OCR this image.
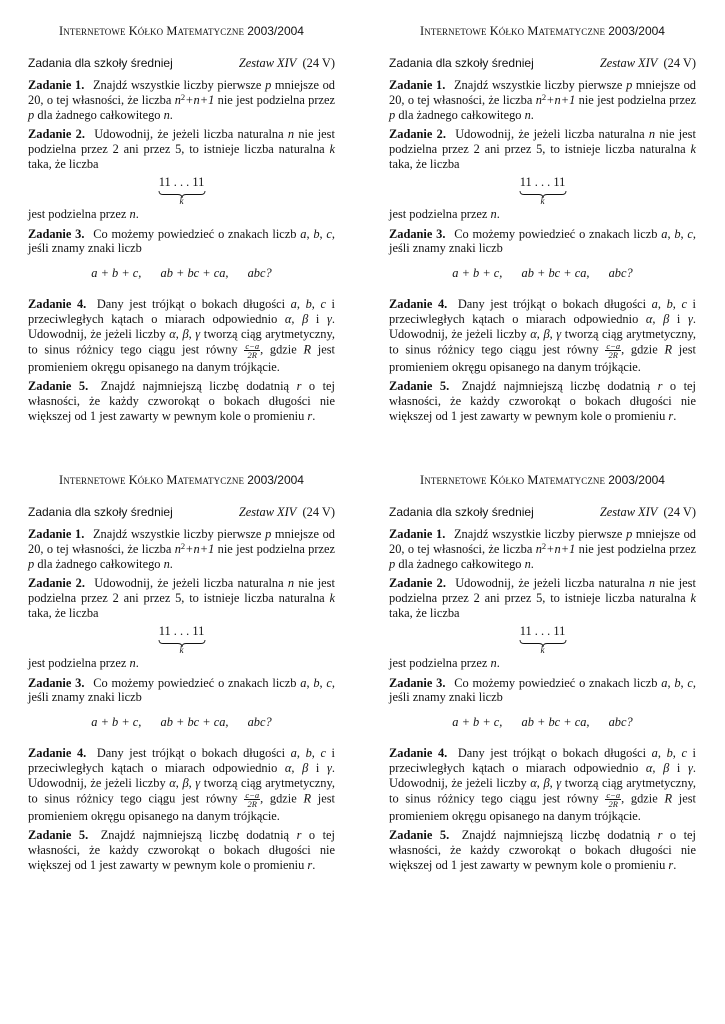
Internetowe Kółko Matematyczne 2003/2004
Zadania dla szkoły średniej	Zestaw XIV (24 V)

Zadanie 1. Znajdź wszystkie liczby pierwsze p mniejsze od 20, o tej własności, że liczba $n^2+n+1$ nie jest podzielna przez p dla żadnego całkowitego n.

Zadanie 2. Udowodnij, że jeżeli liczba naturalna n nie jest podzielna przez 2 ani przez 5, to istnieje liczba naturalna k taka, że liczba

11 . . . 11
k

jest podzielna przez n.

Zadanie 3. Co możemy powiedzieć o znakach liczb a, b, c, jeśli znamy znaki liczb

a + b + c, ab + bc + ca, abc?

Zadanie 4. Dany jest trójkąt o bokach długości a, b, c i przeciwległych kątach o miarach odpowiednio α, β i γ. Udowodnij, że jeżeli liczby α, β, γ tworzą ciąg arytmetyczny, to sinus różnicy tego ciągu jest równy $\frac{c-a}{2R}$ , gdzie R jest promieniem okręgu opisanego na danym trójkącie.

Zadanie 5. Znajdź najmniejszą liczbę dodatnią r o tej własności, że każdy czworokąt o bokach długości nie większej od 1 jest zawarty w pewnym kole o promieniu r.

Internetowe Kółko Matematyczne 2003/2004
Zadania dla szkoły średniej	Zestaw XIV (24 V)

Zadanie 1. Znajdź wszystkie liczby pierwsze p mniejsze od 20, o tej własności, że liczba $n^2+n+1$ nie jest podzielna przez p dla żadnego całkowitego n.

Zadanie 2. Udowodnij, że jeżeli liczba naturalna n nie jest podzielna przez 2 ani przez 5, to istnieje liczba naturalna k taka, że liczba

11 . . . 11
k

jest podzielna przez n.

Zadanie 3. Co możemy powiedzieć o znakach liczb a, b, c, jeśli znamy znaki liczb

a + b + c, ab + bc + ca, abc?

Zadanie 4. Dany jest trójkąt o bokach długości a, b, c i przeciwległych kątach o miarach odpowiednio α, β i γ. Udowodnij, że jeżeli liczby α, β, γ tworzą ciąg arytmetyczny, to sinus różnicy tego ciągu jest równy $\frac{c-a}{2R}$ , gdzie R jest promieniem okręgu opisanego na danym trójkącie.

Zadanie 5. Znajdź najmniejszą liczbę dodatnią r o tej własności, że każdy czworokąt o bokach długości nie większej od 1 jest zawarty w pewnym kole o promieniu r.

Internetowe Kółko Matematyczne 2003/2004
Zadania dla szkoły średniej	Zestaw XIV (24 V)

Zadanie 1. Znajdź wszystkie liczby pierwsze p mniejsze od 20, o tej własności, że liczba $n^2+n+1$ nie jest podzielna przez p dla żadnego całkowitego n.

Zadanie 2. Udowodnij, że jeżeli liczba naturalna n nie jest podzielna przez 2 ani przez 5, to istnieje liczba naturalna k taka, że liczba

11 . . . 11
k

jest podzielna przez n.

Zadanie 3. Co możemy powiedzieć o znakach liczb a, b, c, jeśli znamy znaki liczb

a + b + c, ab + bc + ca, abc?

Zadanie 4. Dany jest trójkąt o bokach długości a, b, c i przeciwległych kątach o miarach odpowiednio α, β i γ. Udowodnij, że jeżeli liczby α, β, γ tworzą ciąg arytmetyczny, to sinus różnicy tego ciągu jest równy $\frac{c-a}{2R}$ , gdzie R jest promieniem okręgu opisanego na danym trójkącie.

Zadanie 5. Znajdź najmniejszą liczbę dodatnią r o tej własności, że każdy czworokąt o bokach długości nie większej od 1 jest zawarty w pewnym kole o promieniu r.

Internetowe Kółko Matematyczne 2003/2004
Zadania dla szkoły średniej	Zestaw XIV (24 V)

Zadanie 1. Znajdź wszystkie liczby pierwsze p mniejsze od 20, o tej własności, że liczba $n^2+n+1$ nie jest podzielna przez p dla żadnego całkowitego n.

Zadanie 2. Udowodnij, że jeżeli liczba naturalna n nie jest podzielna przez 2 ani przez 5, to istnieje liczba naturalna k taka, że liczba

11 . . . 11
k

jest podzielna przez n.

Zadanie 3. Co możemy powiedzieć o znakach liczb a, b, c, jeśli znamy znaki liczb

a + b + c, ab + bc + ca, abc?

Zadanie 4. Dany jest trójkąt o bokach długości a, b, c i przeciwległych kątach o miarach odpowiednio α, β i γ. Udowodnij, że jeżeli liczby α, β, γ tworzą ciąg arytmetyczny, to sinus różnicy tego ciągu jest równy $\frac{c-a}{2R}$ , gdzie R jest promieniem okręgu opisanego na danym trójkącie.

Zadanie 5. Znajdź najmniejszą liczbę dodatnią r o tej własności, że każdy czworokąt o bokach długości nie większej od 1 jest zawarty w pewnym kole o promieniu r.
